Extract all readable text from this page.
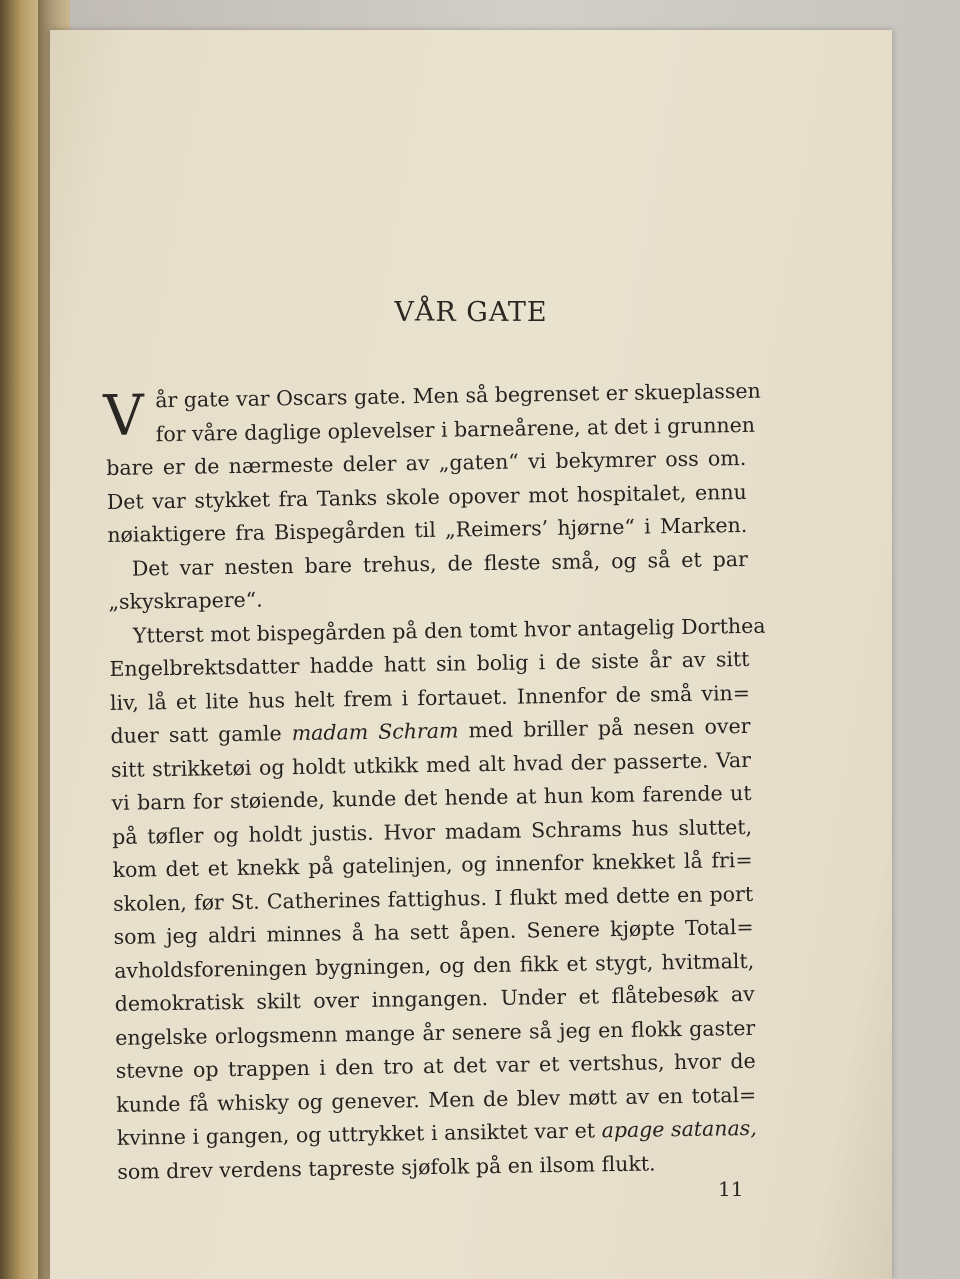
VÅR GATE
V år gate var Oscars gate. Men så begrenset er skueplassen
for våre daglige oplevelser i barneårene, at det i grunnen
bare er de nærmeste deler av „gaten“ vi bekymrer oss om.
Det var stykket fra Tanks skole opover mot hospitalet, ennu
nøiaktigere fra Bispegården til „Reimers’ hjørne“ i Marken.
Det var nesten bare trehus, de fleste små, og så et par
„skyskrapere“.
Ytterst mot bispegården på den tomt hvor antagelig Dorthea
Engelbrektsdatter hadde hatt sin bolig i de siste år av sitt
liv, lå et lite hus helt frem i fortauet. Innenfor de små vin=
duer satt gamle madam Schram med briller på nesen over
sitt strikketøi og holdt utkikk med alt hvad der passerte. Var
vi barn for støiende, kunde det hende at hun kom farende ut
på tøfler og holdt justis. Hvor madam Schrams hus sluttet,
kom det et knekk på gatelinjen, og innenfor knekket lå fri=
skolen, før St. Catherines fattighus. I flukt med dette en port
som jeg aldri minnes å ha sett åpen. Senere kjøpte Total=
avholdsforeningen bygningen, og den fikk et stygt, hvitmalt,
demokratisk skilt over inngangen. Under et flåtebesøk av
engelske orlogsmenn mange år senere så jeg en flokk gaster
stevne op trappen i den tro at det var et vertshus, hvor de
kunde få whisky og genever. Men de blev møtt av en total=
kvinne i gangen, og uttrykket i ansiktet var et apage satanas,
som drev verdens tapreste sjøfolk på en ilsom flukt.
11
